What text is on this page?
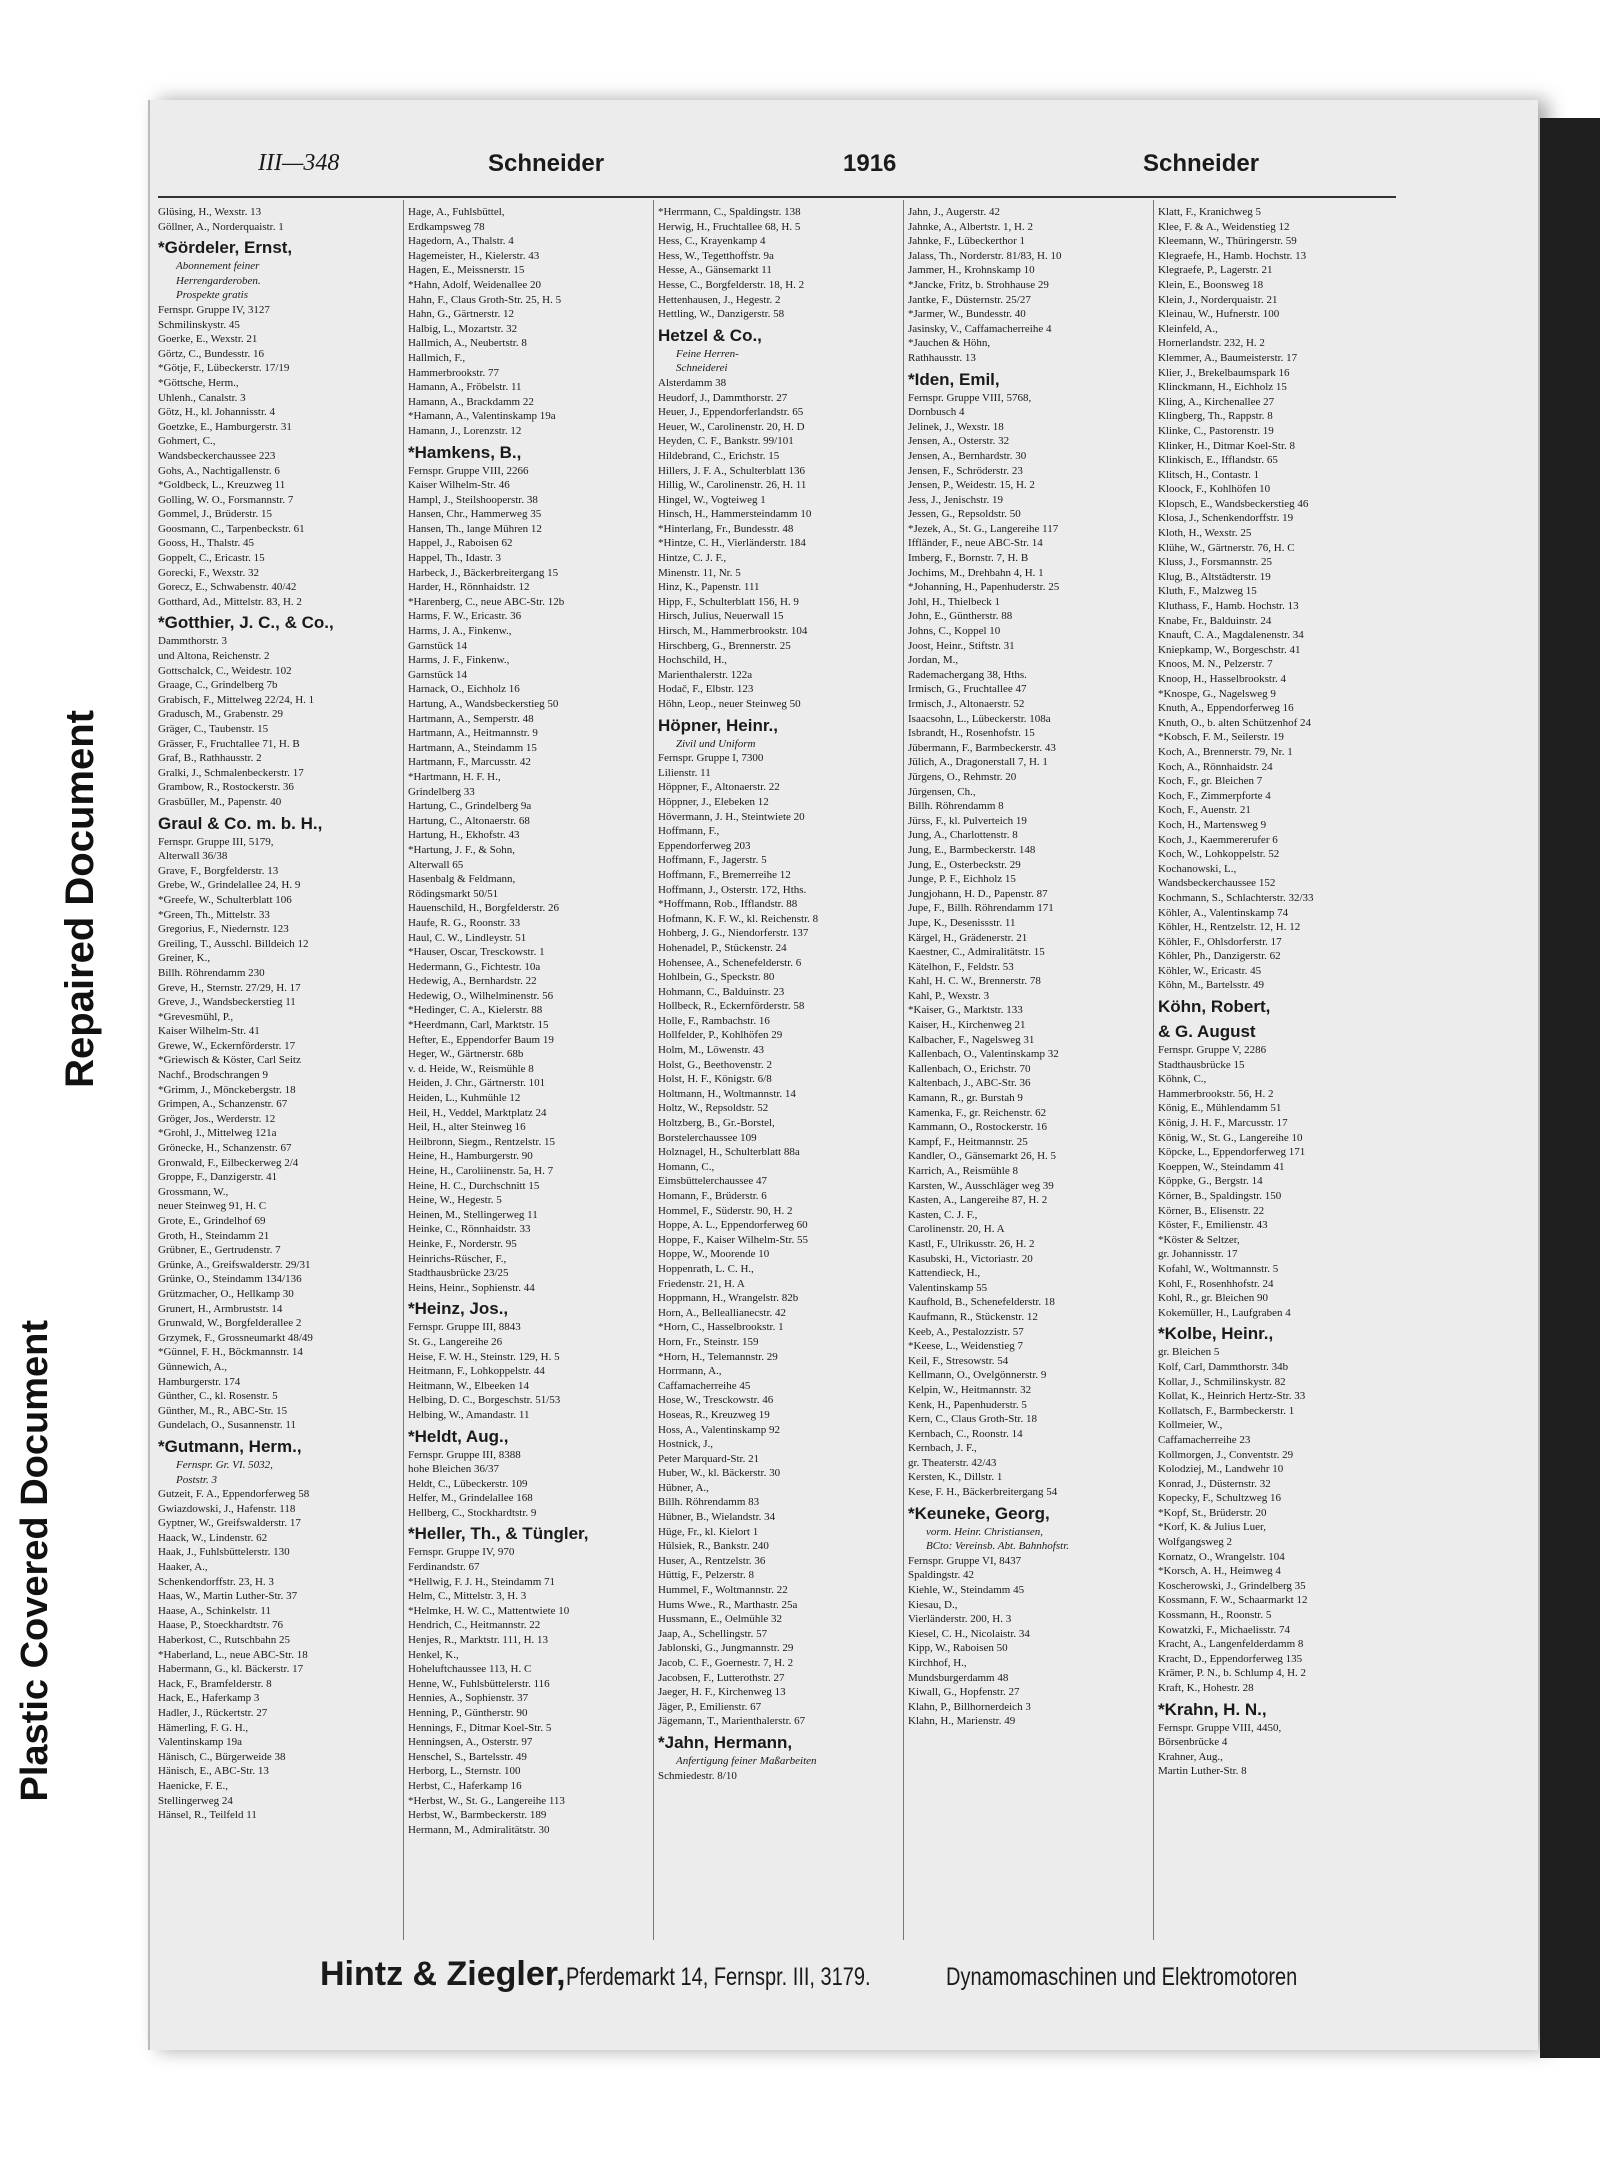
Repaired Document
Plastic Covered Document
III—348	Schneider	1916	Schneider
Glüsing, H., Wexstr. 13
Göllner, A., Norderquaistr. 1
*Gördeler, Ernst,
Abonnement feiner
Herrengarderoben.
Prospekte gratis
Fernspr. Gruppe IV, 3127
Schmilinskystr. 45
Goerke, E., Wexstr. 21
Görtz, C., Bundesstr. 16
*Götje, F., Lübeckerstr. 17/19
*Göttsche, Herm.,
Uhlenh., Canalstr. 3
Götz, H., kl. Johannisstr. 4
Goetzke, E., Hamburgerstr. 31
Gohmert, C.,
Wandsbeckerchaussee 223
Gohs, A., Nachtigallenstr. 6
*Goldbeck, L., Kreuzweg 11
Golling, W. O., Forsmannstr. 7
Gommel, J., Brüderstr. 15
Goosmann, C., Tarpenbeckstr. 61
Gooss, H., Thalstr. 45
Goppelt, C., Ericastr. 15
Gorecki, F., Wexstr. 32
Gorecz, E., Schwabenstr. 40/42
Gotthard, Ad., Mittelstr. 83, H. 2
*Gotthier, J. C., & Co.,
Dammthorstr. 3
und Altona, Reichenstr. 2
Gottschalck, C., Weidestr. 102
Graage, C., Grindelberg 7b
Grabisch, F., Mittelweg 22/24, H. 1
Gradusch, M., Grabenstr. 29
Gräger, C., Taubenstr. 15
Grässer, F., Fruchtallee 71, H. B
Graf, B., Rathhausstr. 2
Gralki, J., Schmalenbeckerstr. 17
Grambow, R., Rostockerstr. 36
Grasbüller, M., Papenstr. 40
Graul & Co. m. b. H.,
Fernspr. Gruppe III, 5179,
Alterwall 36/38
Grave, F., Borgfelderstr. 13
Grebe, W., Grindelallee 24, H. 9
*Greefe, W., Schulterblatt 106
*Green, Th., Mittelstr. 33
Gregorius, F., Niedernstr. 123
Greiling, T., Ausschl. Billdeich 12
Greiner, K.,
Billh. Röhrendamm 230
Greve, H., Sternstr. 27/29, H. 17
Greve, J., Wandsbeckerstieg 11
*Grevesmühl, P.,
Kaiser Wilhelm-Str. 41
Grewe, W., Eckernförderstr. 17
*Griewisch & Köster, Carl Seitz
Nachf., Brodschrangen 9
*Grimm, J., Mönckebergstr. 18
Grimpen, A., Schanzenstr. 67
Gröger, Jos., Werderstr. 12
*Grohl, J., Mittelweg 121a
Grönecke, H., Schanzenstr. 67
Gronwald, F., Eilbeckerweg 2/4
Groppe, F., Danzigerstr. 41
Grossmann, W.,
neuer Steinweg 91, H. C
Grote, E., Grindelhof 69
Groth, H., Steindamm 21
Grübner, E., Gertrudenstr. 7
Grünke, A., Greifswalderstr. 29/31
Grünke, O., Steindamm 134/136
Grützmacher, O., Hellkamp 30
Grunert, H., Armbruststr. 14
Grunwald, W., Borgfelderallee 2
Grzymek, F., Grossneumarkt 48/49
*Günnel, F. H., Böckmannstr. 14
Günnewich, A.,
Hamburgerstr. 174
Günther, C., kl. Rosenstr. 5
Günther, M., R., ABC-Str. 15
Gundelach, O., Susannenstr. 11
*Gutmann, Herm.,
Fernspr. Gr. VI. 5032,
Poststr. 3
Gutzeit, F. A., Eppendorferweg 58
Gwiazdowski, J., Hafenstr. 118
Gyptner, W., Greifswalderstr. 17
Haack, W., Lindenstr. 62
Haak, J., Fuhlsbüttelerstr. 130
Haaker, A.,
Schenkendorffstr. 23, H. 3
Haas, W., Martin Luther-Str. 37
Haase, A., Schinkelstr. 11
Haase, P., Stoeckhardtstr. 76
Haberkost, C., Rutschbahn 25
*Haberland, L., neue ABC-Str. 18
Habermann, G., kl. Bäckerstr. 17
Hack, F., Bramfelderstr. 8
Hack, E., Haferkamp 3
Hadler, J., Rückertstr. 27
Hämerling, F. G. H.,
Valentinskamp 19a
Hänisch, C., Bürgerweide 38
Hänisch, E., ABC-Str. 13
Haenicke, F. E.,
Stellingerweg 24
Hänsel, R., Teilfeld 11
Hage, A., Fuhlsbüttel,
Erdkampsweg 78
Hagedorn, A., Thalstr. 4
Hagemeister, H., Kielerstr. 43
Hagen, E., Meissnerstr. 15
*Hahn, Adolf, Weidenallee 20
Hahn, F., Claus Groth-Str. 25, H. 5
Hahn, G., Gärtnerstr. 12
Halbig, L., Mozartstr. 32
Hallmich, A., Neubertstr. 8
Hallmich, F.,
Hammerbrookstr. 77
Hamann, A., Fröbelstr. 11
Hamann, A., Brackdamm 22
*Hamann, A., Valentinskamp 19a
Hamann, J., Lorenzstr. 12
*Hamkens, B.,
Fernspr. Gruppe VIII, 2266
Kaiser Wilhelm-Str. 46
Hampl, J., Steilshooperstr. 38
Hansen, Chr., Hammerweg 35
Hansen, Th., lange Mühren 12
Happel, J., Raboisen 62
Happel, Th., Idastr. 3
Harbeck, J., Bäckerbreitergang 15
Harder, H., Rönnhaidstr. 12
*Harenberg, C., neue ABC-Str. 12b
Harms, F. W., Ericastr. 36
Harms, J. A., Finkenw.,
Garnstück 14
Harms, J. F., Finkenw.,
Garnstück 14
Harnack, O., Eichholz 16
Hartung, A., Wandsbeckerstieg 50
Hartmann, A., Semperstr. 48
Hartmann, A., Heitmannstr. 9
Hartmann, A., Steindamm 15
Hartmann, F., Marcusstr. 42
*Hartmann, H. F. H.,
Grindelberg 33
Hartung, C., Grindelberg 9a
Hartung, C., Altonaerstr. 68
Hartung, H., Ekhofstr. 43
*Hartung, J. F., & Sohn,
Alterwall 65
Hasenbalg & Feldmann,
Rödingsmarkt 50/51
Hauenschild, H., Borgfelderstr. 26
Haufe, R. G., Roonstr. 33
Haul, C. W., Lindleystr. 51
*Hauser, Oscar, Tresckowstr. 1
Hedermann, G., Fichtestr. 10a
Hedewig, A., Bernhardstr. 22
Hedewig, O., Wilhelminenstr. 56
*Hedinger, C. A., Kielerstr. 88
*Heerdmann, Carl, Marktstr. 15
Hefter, E., Eppendorfer Baum 19
Heger, W., Gärtnerstr. 68b
v. d. Heide, W., Reismühle 8
Heiden, J. Chr., Gärtnerstr. 101
Heiden, L., Kuhmühle 12
Heil, H., Veddel, Marktplatz 24
Heil, H., alter Steinweg 16
Heilbronn, Siegm., Rentzelstr. 15
Heine, H., Hamburgerstr. 90
Heine, H., Caroliinenstr. 5a, H. 7
Heine, H. C., Durchschnitt 15
Heine, W., Hegestr. 5
Heinen, M., Stellingerweg 11
Heinke, C., Rönnhaidstr. 33
Heinke, F., Norderstr. 95
Heinrichs-Rüscher, F.,
Stadthausbrücke 23/25
Heins, Heinr., Sophienstr. 44
*Heinz, Jos.,
Fernspr. Gruppe III, 8843
St. G., Langereihe 26
Heise, F. W. H., Steinstr. 129, H. 5
Heitmann, F., Lohkoppelstr. 44
Heitmann, W., Elbeeken 14
Helbing, D. C., Borgeschstr. 51/53
Helbing, W., Amandastr. 11
*Heldt, Aug.,
Fernspr. Gruppe III, 8388
hohe Bleichen 36/37
Heldt, C., Lübeckerstr. 109
Helfer, M., Grindelallee 168
Hellberg, C., Stockhardtstr. 9
*Heller, Th., & Tüngler,
Fernspr. Gruppe IV, 970
Ferdinandstr. 67
*Hellwig, F. J. H., Steindamm 71
Helm, C., Mittelstr. 3, H. 3
*Helmke, H. W. C., Mattentwiete 10
Hendrich, C., Heitmannstr. 22
Henjes, R., Marktstr. 111, H. 13
Henkel, K.,
Hoheluftchaussee 113, H. C
Henne, W., Fuhlsbüttelerstr. 116
Hennies, A., Sophienstr. 37
Henning, P., Güntherstr. 90
Hennings, F., Ditmar Koel-Str. 5
Henningsen, A., Osterstr. 97
Henschel, S., Bartelsstr. 49
Herborg, L., Sternstr. 100
Herbst, C., Haferkamp 16
*Herbst, W., St. G., Langereihe 113
Herbst, W., Barmbeckerstr. 189
Hermann, M., Admiralitätstr. 30
*Herrmann, C., Spaldingstr. 138
Herwig, H., Fruchtallee 68, H. 5
Hess, C., Krayenkamp 4
Hess, W., Tegetthoffstr. 9a
Hesse, A., Gänsemarkt 11
Hesse, C., Borgfelderstr. 18, H. 2
Hettenhausen, J., Hegestr. 2
Hettling, W., Danzigerstr. 58
Hetzel & Co.,
Feine Herren-
Schneiderei
Alsterdamm 38
Heudorf, J., Dammthorstr. 27
Heuer, J., Eppendorferlandstr. 65
Heuer, W., Carolinenstr. 20, H. D
Heyden, C. F., Bankstr. 99/101
Hildebrand, C., Erichstr. 15
Hillers, J. F. A., Schulterblatt 136
Hillig, W., Carolinenstr. 26, H. 11
Hingel, W., Vogteiweg 1
Hinsch, H., Hammersteindamm 10
*Hinterlang, Fr., Bundesstr. 48
*Hintze, C. H., Vierländerstr. 184
Hintze, C. J. F.,
Minenstr. 11, Nr. 5
Hinz, K., Papenstr. 111
Hipp, F., Schulterblatt 156, H. 9
Hirsch, Julius, Neuerwall 15
Hirsch, M., Hammerbrookstr. 104
Hirschberg, G., Brennerstr. 25
Hochschild, H.,
Marienthalerstr. 122a
Hodač, F., Elbstr. 123
Höhn, Leop., neuer Steinweg 50
Höpner, Heinr.,
Zivil und Uniform
Fernspr. Gruppe I, 7300
Lilienstr. 11
Höppner, F., Altonaerstr. 22
Höppner, J., Elebeken 12
Hövermann, J. H., Steintwiete 20
Hoffmann, F.,
Eppendorferweg 203
Hoffmann, F., Jagerstr. 5
Hoffmann, F., Bremerreihe 12
Hoffmann, J., Osterstr. 172, Hths.
*Hoffmann, Rob., Ifflandstr. 88
Hofmann, K. F. W., kl. Reichenstr. 8
Hohberg, J. G., Niendorferstr. 137
Hohenadel, P., Stückenstr. 24
Hohensee, A., Schenefelderstr. 6
Hohlbein, G., Speckstr. 80
Hohmann, C., Balduinstr. 23
Hollbeck, R., Eckernförderstr. 58
Holle, F., Rambachstr. 16
Hollfelder, P., Kohlhöfen 29
Holm, M., Löwenstr. 43
Holst, G., Beethovenstr. 2
Holst, H. F., Königstr. 6/8
Holtmann, H., Woltmannstr. 14
Holtz, W., Repsoldstr. 52
Holtzberg, B., Gr.-Borstel,
Borstelerchaussee 109
Holznagel, H., Schulterblatt 88a
Homann, C.,
Eimsbüttelerchaussee 47
Homann, F., Brüderstr. 6
Hommel, F., Süderstr. 90, H. 2
Hoppe, A. L., Eppendorferweg 60
Hoppe, F., Kaiser Wilhelm-Str. 55
Hoppe, W., Moorende 10
Hoppenrath, L. C. H.,
Friedenstr. 21, H. A
Hoppmann, H., Wrangelstr. 82b
Horn, A., Belleallianecstr. 42
*Horn, C., Hasselbrookstr. 1
Horn, Fr., Steinstr. 159
*Horn, H., Telemannstr. 29
Horrmann, A.,
Caffamacherreihe 45
Hose, W., Tresckowstr. 46
Hoseas, R., Kreuzweg 19
Hoss, A., Valentinskamp 92
Hostnick, J.,
Peter Marquard-Str. 21
Huber, W., kl. Bäckerstr. 30
Hübner, A.,
Billh. Röhrendamm 83
Hübner, B., Wielandstr. 34
Hüge, Fr., kl. Kielort 1
Hülsiek, R., Bankstr. 240
Huser, A., Rentzelstr. 36
Hüttig, F., Pelzerstr. 8
Hummel, F., Woltmannstr. 22
Hums Wwe., R., Marthastr. 25a
Hussmann, E., Oelmühle 32
Jaap, A., Schellingstr. 57
Jablonski, G., Jungmannstr. 29
Jacob, C. F., Goernestr. 7, H. 2
Jacobsen, F., Lutterothstr. 27
Jaeger, H. F., Kirchenweg 13
Jäger, P., Emilienstr. 67
Jägemann, T., Marienthalerstr. 67
*Jahn, Hermann,
Anfertigung feiner Maßarbeiten
Schmiedestr. 8/10
Jahn, J., Augerstr. 42
Jahnke, A., Albertstr. 1, H. 2
Jahnke, F., Lübeckerthor 1
Jalass, Th., Norderstr. 81/83, H. 10
Jammer, H., Krohnskamp 10
*Jancke, Fritz, b. Strohhause 29
Jantke, F., Düsternstr. 25/27
*Jarmer, W., Bundesstr. 40
Jasinsky, V., Caffamacherreihe 4
*Jauchen & Höhn,
Rathhausstr. 13
*Iden, Emil,
Fernspr. Gruppe VIII, 5768,
Dornbusch 4
Jelinek, J., Wexstr. 18
Jensen, A., Osterstr. 32
Jensen, A., Bernhardstr. 30
Jensen, F., Schröderstr. 23
Jensen, P., Weidestr. 15, H. 2
Jess, J., Jenischstr. 19
Jessen, G., Repsoldstr. 50
*Jezek, A., St. G., Langereihe 117
Iffländer, F., neue ABC-Str. 14
Imberg, F., Bornstr. 7, H. B
Jochims, M., Drehbahn 4, H. 1
*Johanning, H., Papenhuderstr. 25
Johl, H., Thielbeck 1
John, E., Güntherstr. 88
Johns, C., Koppel 10
Joost, Heinr., Stiftstr. 31
Jordan, M.,
Rademachergang 38, Hths.
Irmisch, G., Fruchtallee 47
Irmisch, J., Altonaerstr. 52
Isaacsohn, L., Lübeckerstr. 108a
Isbrandt, H., Rosenhofstr. 15
Jübermann, F., Barmbeckerstr. 43
Jülich, A., Dragonerstall 7, H. 1
Jürgens, O., Rehmstr. 20
Jürgensen, Ch.,
Billh. Röhrendamm 8
Jürss, F., kl. Pulverteich 19
Jung, A., Charlottenstr. 8
Jung, E., Barmbeckerstr. 148
Jung, E., Osterbeckstr. 29
Junge, P. F., Eichholz 15
Jungjohann, H. D., Papenstr. 87
Jupe, F., Billh. Röhrendamm 171
Jupe, K., Desenissstr. 11
Kärgel, H., Grädenerstr. 21
Kaestner, C., Admiralitätstr. 15
Kätelhon, F., Feldstr. 53
Kahl, H. C. W., Brennerstr. 78
Kahl, P., Wexstr. 3
*Kaiser, G., Marktstr. 133
Kaiser, H., Kirchenweg 21
Kalbacher, F., Nagelsweg 31
Kallenbach, O., Valentinskamp 32
Kallenbach, O., Erichstr. 70
Kaltenbach, J., ABC-Str. 36
Kamann, R., gr. Burstah 9
Kamenka, F., gr. Reichenstr. 62
Kammann, O., Rostockerstr. 16
Kampf, F., Heitmannstr. 25
Kandler, O., Gänsemarkt 26, H. 5
Karrich, A., Reismühle 8
Karsten, W., Ausschläger weg 39
Kasten, A., Langereihe 87, H. 2
Kasten, C. J. F.,
Carolinenstr. 20, H. A
Kastl, F., Ulrikusstr. 26, H. 2
Kasubski, H., Victoriastr. 20
Kattendieck, H.,
Valentinskamp 55
Kaufhold, B., Schenefelderstr. 18
Kaufmann, R., Stückenstr. 12
Keeb, A., Pestalozzistr. 57
*Keese, L., Weidenstieg 7
Keil, F., Stresowstr. 54
Kellmann, O., Ovelgönnerstr. 9
Kelpin, W., Heitmannstr. 32
Kenk, H., Papenhuderstr. 5
Kern, C., Claus Groth-Str. 18
Kernbach, C., Roonstr. 14
Kernbach, J. F.,
gr. Theaterstr. 42/43
Kersten, K., Dillstr. 1
Kese, F. H., Bäckerbreitergang 54
*Keuneke, Georg,
vorm. Heinr. Christiansen,
BCto: Vereinsb. Abt. Bahnhofstr.
Fernspr. Gruppe VI, 8437
Spaldingstr. 42
Kiehle, W., Steindamm 45
Kiesau, D.,
Vierländerstr. 200, H. 3
Kiesel, C. H., Nicolaistr. 34
Kipp, W., Raboisen 50
Kirchhof, H.,
Mundsburgerdamm 48
Kiwall, G., Hopfenstr. 27
Klahn, P., Billhornerdeich 3
Klahn, H., Marienstr. 49
Klatt, F., Kranichweg 5
Klee, F. & A., Weidenstieg 12
Kleemann, W., Thüringerstr. 59
Klegraefe, H., Hamb. Hochstr. 13
Klegraefe, P., Lagerstr. 21
Klein, E., Boonsweg 18
Klein, J., Norderquaistr. 21
Kleinau, W., Hufnerstr. 100
Kleinfeld, A.,
Hornerlandstr. 232, H. 2
Klemmer, A., Baumeisterstr. 17
Klier, J., Brekelbaumspark 16
Klinckmann, H., Eichholz 15
Kling, A., Kirchenallee 27
Klingberg, Th., Rappstr. 8
Klinke, C., Pastorenstr. 19
Klinker, H., Ditmar Koel-Str. 8
Klinkisch, E., Ifflandstr. 65
Klitsch, H., Contastr. 1
Kloock, F., Kohlhöfen 10
Klopsch, E., Wandsbeckerstieg 46
Klosa, J., Schenkendorffstr. 19
Kloth, H., Wexstr. 25
Klühe, W., Gärtnerstr. 76, H. C
Kluss, J., Forsmannstr. 25
Klug, B., Altstädterstr. 19
Kluth, F., Malzweg 15
Kluthass, F., Hamb. Hochstr. 13
Knabe, Fr., Balduinstr. 24
Knauft, C. A., Magdalenenstr. 34
Kniepkamp, W., Borgeschstr. 41
Knoos, M. N., Pelzerstr. 7
Knoop, H., Hasselbrookstr. 4
*Knospe, G., Nagelsweg 9
Knuth, A., Eppendorferweg 16
Knuth, O., b. alten Schützenhof 24
*Kobsch, F. M., Seilerstr. 19
Koch, A., Brennerstr. 79, Nr. 1
Koch, A., Rönnhaidstr. 24
Koch, F., gr. Bleichen 7
Koch, F., Zimmerpforte 4
Koch, F., Auenstr. 21
Koch, H., Martensweg 9
Koch, J., Kaemmererufer 6
Koch, W., Lohkoppelstr. 52
Kochanowski, L.,
Wandsbeckerchaussee 152
Kochmann, S., Schlachterstr. 32/33
Köhler, A., Valentinskamp 74
Köhler, H., Rentzelstr. 12, H. 12
Köhler, F., Ohlsdorferstr. 17
Köhler, Ph., Danzigerstr. 62
Köhler, W., Ericastr. 45
Köhn, M., Bartelsstr. 49
Köhn, Robert,
& G. August
Fernspr. Gruppe V, 2286
Stadthausbrücke 15
Köhnk, C.,
Hammerbrookstr. 56, H. 2
König, E., Mühlendamm 51
König, J. H. F., Marcusstr. 17
König, W., St. G., Langereihe 10
Köpcke, L., Eppendorferweg 171
Koeppen, W., Steindamm 41
Köppke, G., Bergstr. 14
Körner, B., Spaldingstr. 150
Körner, B., Elisenstr. 22
Köster, F., Emilienstr. 43
*Köster & Seltzer,
gr. Johannisstr. 17
Kofahl, W., Woltmannstr. 5
Kohl, F., Rosenhhofstr. 24
Kohl, R., gr. Bleichen 90
Kokemüller, H., Laufgraben 4
*Kolbe, Heinr.,
gr. Bleichen 5
Kolf, Carl, Dammthorstr. 34b
Kollar, J., Schmilinskystr. 82
Kollat, K., Heinrich Hertz-Str. 33
Kollatsch, F., Barmbeckerstr. 1
Kollmeier, W.,
Caffamacherreihe 23
Kollmorgen, J., Conventstr. 29
Kolodziej, M., Landwehr 10
Konrad, J., Düsternstr. 32
Kopecky, F., Schultzweg 16
*Kopf, St., Brüderstr. 20
*Korf, K. & Julius Luer,
Wolfgangsweg 2
Kornatz, O., Wrangelstr. 104
*Korsch, A. H., Heimweg 4
Koscherowski, J., Grindelberg 35
Kossmann, F. W., Schaarmarkt 12
Kossmann, H., Roonstr. 5
Kowatzki, F., Michaelisstr. 74
Kracht, A., Langenfelderdamm 8
Kracht, D., Eppendorferweg 135
Krämer, P. N., b. Schlump 4, H. 2
Kraft, K., Hohestr. 28
*Krahn, H. N.,
Fernspr. Gruppe VIII, 4450,
Börsenbrücke 4
Krahner, Aug.,
Martin Luther-Str. 8
Hintz & Ziegler,Pferdemarkt 14, Fernspr. III, 3179.	Dynamomaschinen und Elektromotoren
